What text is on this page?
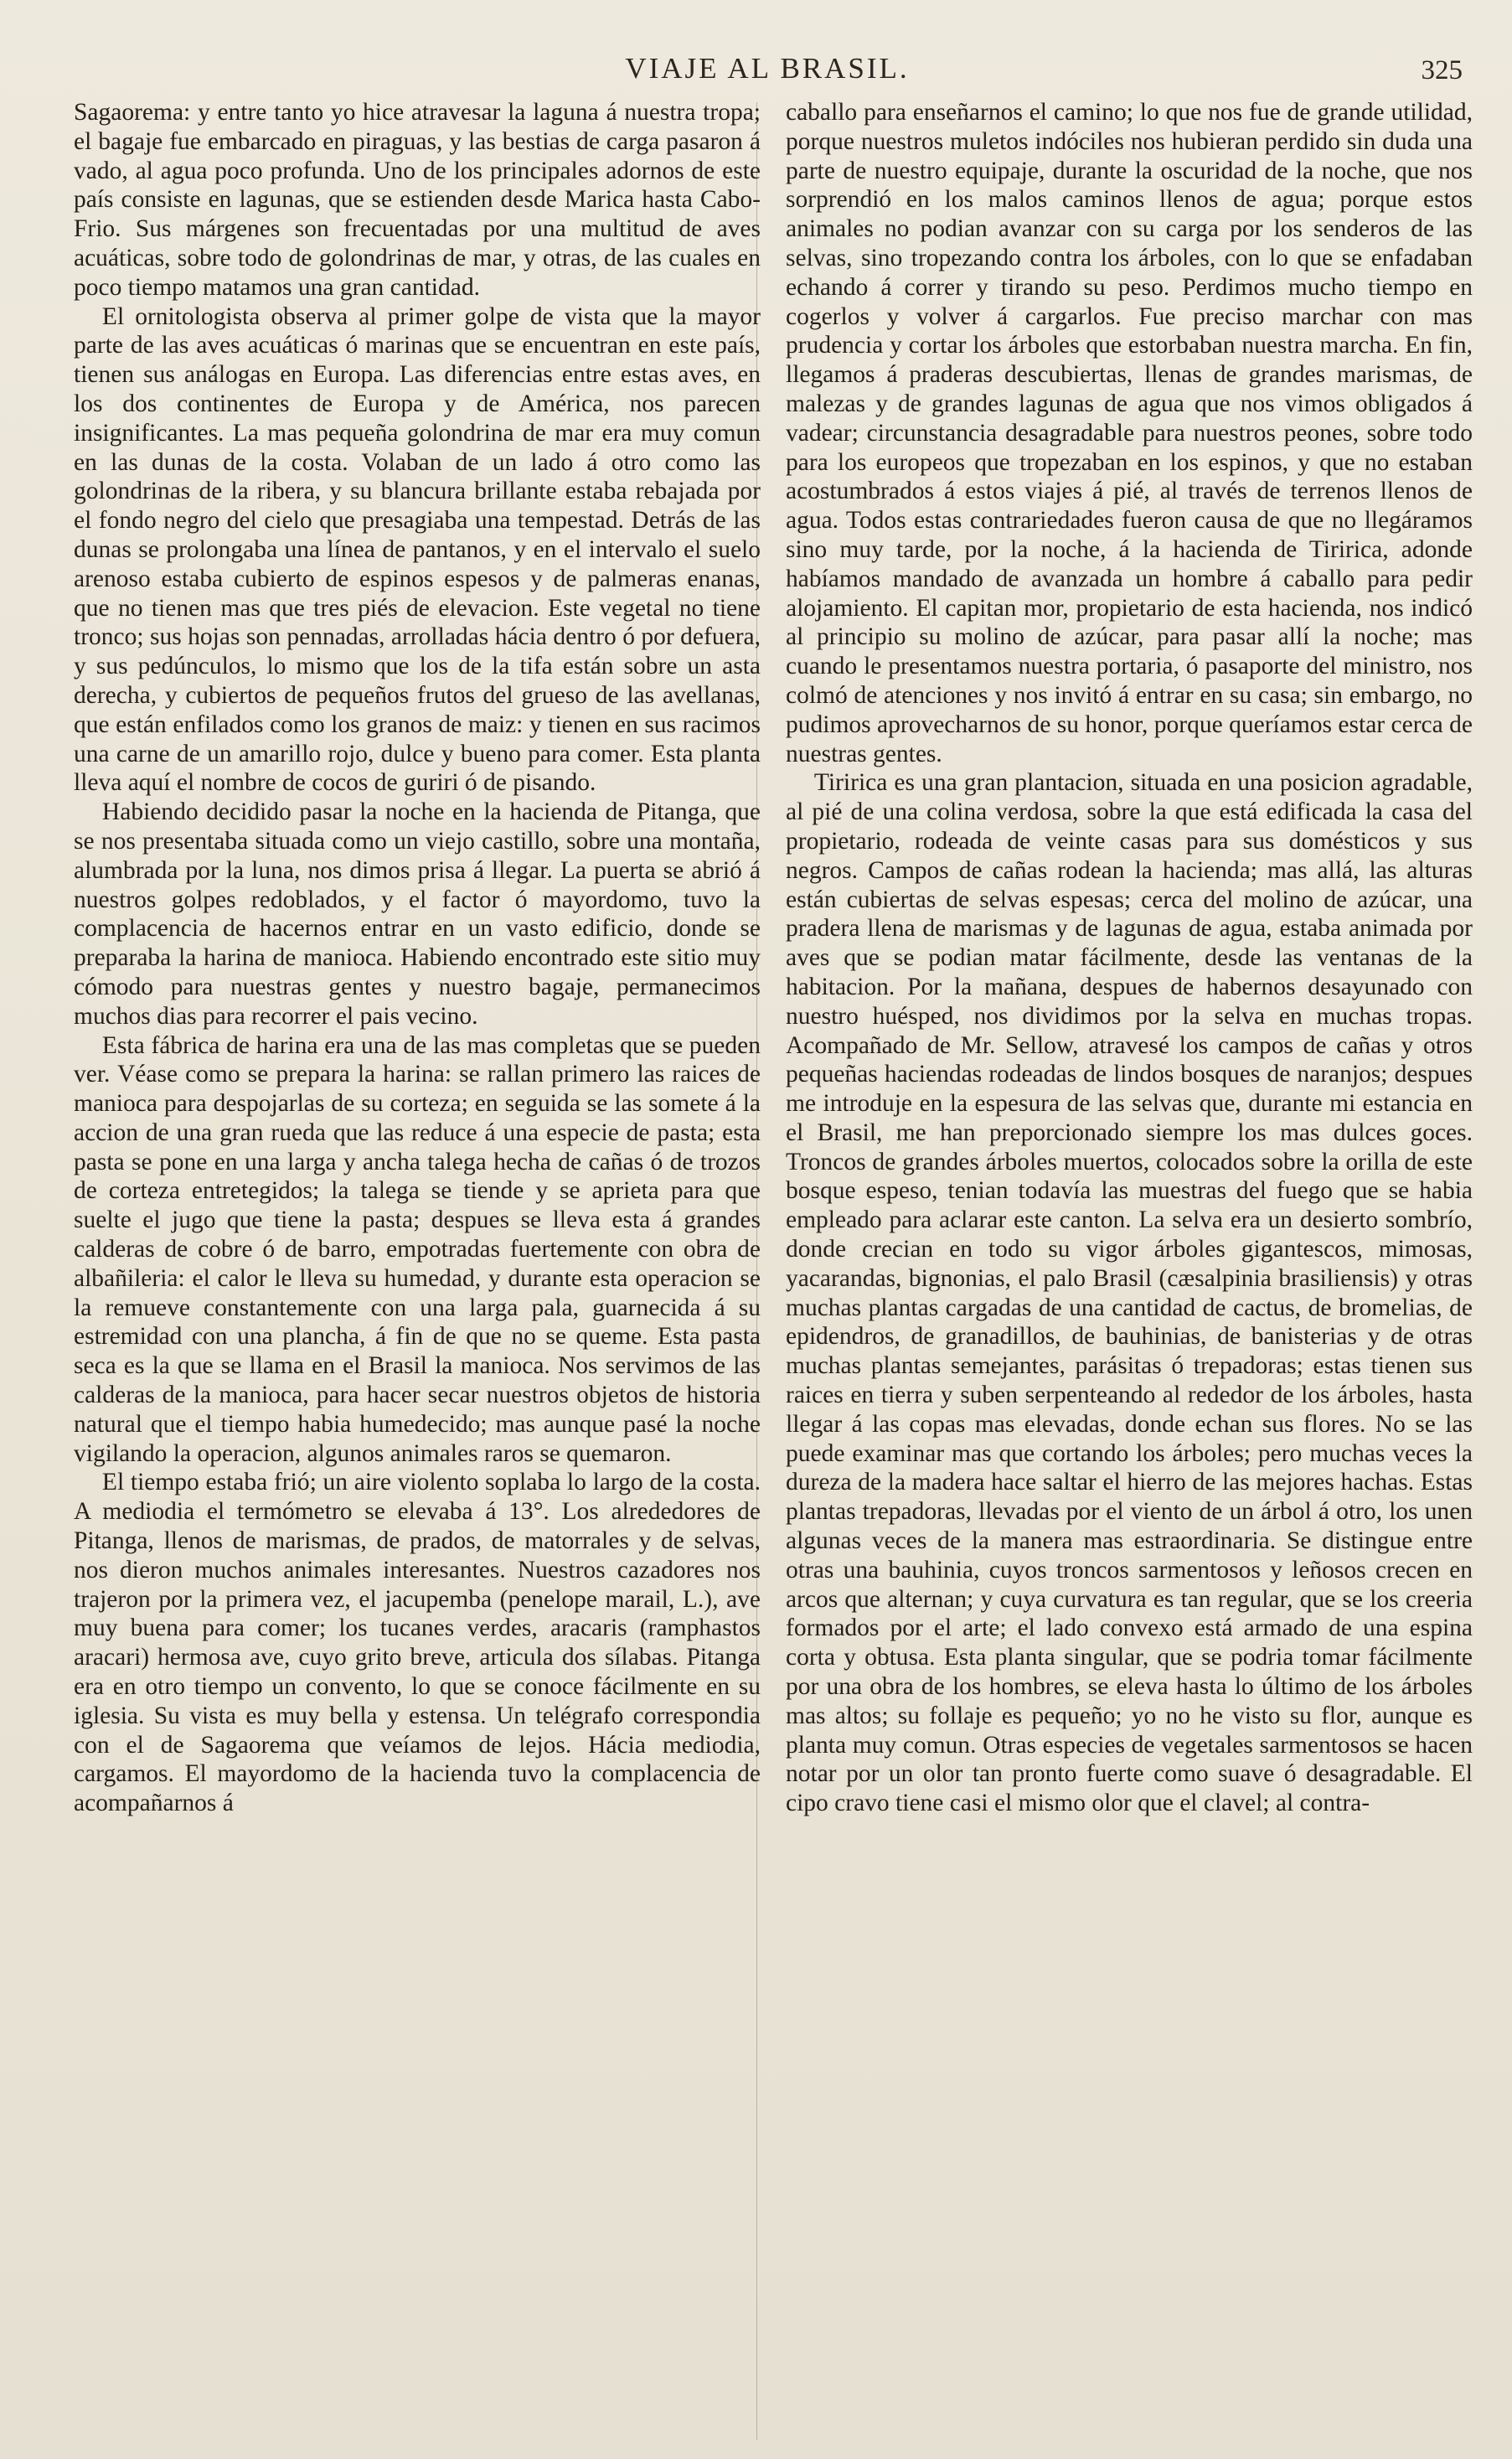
VIAJE AL BRASIL.	325

Sagaorema: y entre tanto yo hice atravesar la laguna á nuestra tropa; el bagaje fue embarcado en piraguas, y las bestias de carga pasaron á vado, al agua poco profunda. Uno de los principales adornos de este país consiste en lagunas, que se estienden desde Marica hasta Cabo-Frio. Sus márgenes son frecuentadas por una multitud de aves acuáticas, sobre todo de golondrinas de mar, y otras, de las cuales en poco tiempo matamos una gran cantidad.

El ornitologista observa al primer golpe de vista que la mayor parte de las aves acuáticas ó marinas que se encuentran en este país, tienen sus análogas en Europa. Las diferencias entre estas aves, en los dos continentes de Europa y de América, nos parecen insignificantes. La mas pequeña golondrina de mar era muy comun en las dunas de la costa. Volaban de un lado á otro como las golondrinas de la ribera, y su blancura brillante estaba rebajada por el fondo negro del cielo que presagiaba una tempestad. Detrás de las dunas se prolongaba una línea de pantanos, y en el intervalo el suelo arenoso estaba cubierto de espinos espesos y de palmeras enanas, que no tienen mas que tres piés de elevacion. Este vegetal no tiene tronco; sus hojas son pennadas, arrolladas hácia dentro ó por defuera, y sus pedúnculos, lo mismo que los de la tifa están sobre un asta derecha, y cubiertos de pequeños frutos del grueso de las avellanas, que están enfilados como los granos de maiz: y tienen en sus racimos una carne de un amarillo rojo, dulce y bueno para comer. Esta planta lleva aquí el nombre de cocos de guriri ó de pisando.

Habiendo decidido pasar la noche en la hacienda de Pitanga, que se nos presentaba situada como un viejo castillo, sobre una montaña, alumbrada por la luna, nos dimos prisa á llegar. La puerta se abrió á nuestros golpes redoblados, y el factor ó mayordomo, tuvo la complacencia de hacernos entrar en un vasto edificio, donde se preparaba la harina de manioca. Habiendo encontrado este sitio muy cómodo para nuestras gentes y nuestro bagaje, permanecimos muchos dias para recorrer el pais vecino.

Esta fábrica de harina era una de las mas completas que se pueden ver. Véase como se prepara la harina: se rallan primero las raices de manioca para despojarlas de su corteza; en seguida se las somete á la accion de una gran rueda que las reduce á una especie de pasta; esta pasta se pone en una larga y ancha talega hecha de cañas ó de trozos de corteza entretegidos; la talega se tiende y se aprieta para que suelte el jugo que tiene la pasta; despues se lleva esta á grandes calderas de cobre ó de barro, empotradas fuertemente con obra de albañileria: el calor le lleva su humedad, y durante esta operacion se la remueve constantemente con una larga pala, guarnecida á su estremidad con una plancha, á fin de que no se queme. Esta pasta seca es la que se llama en el Brasil la manioca. Nos servimos de las calderas de la manioca, para hacer secar nuestros objetos de historia natural que el tiempo habia humedecido; mas aunque pasé la noche vigilando la operacion, algunos animales raros se quemaron.

El tiempo estaba frió; un aire violento soplaba lo largo de la costa. A mediodia el termómetro se elevaba á 13°. Los alrededores de Pitanga, llenos de marismas, de prados, de matorrales y de selvas, nos dieron muchos animales interesantes. Nuestros cazadores nos trajeron por la primera vez, el jacupemba (penelope marail, L.), ave muy buena para comer; los tucanes verdes, aracaris (ramphastos aracari) hermosa ave, cuyo grito breve, articula dos sílabas. Pitanga era en otro tiempo un convento, lo que se conoce fácilmente en su iglesia. Su vista es muy bella y estensa. Un telégrafo correspondia con el de Sagaorema que veíamos de lejos. Hácia mediodia, cargamos. El mayordomo de la hacienda tuvo la complacencia de acompañarnos á

caballo para enseñarnos el camino; lo que nos fue de grande utilidad, porque nuestros muletos indóciles nos hubieran perdido sin duda una parte de nuestro equipaje, durante la oscuridad de la noche, que nos sorprendió en los malos caminos llenos de agua; porque estos animales no podian avanzar con su carga por los senderos de las selvas, sino tropezando contra los árboles, con lo que se enfadaban echando á correr y tirando su peso. Perdimos mucho tiempo en cogerlos y volver á cargarlos. Fue preciso marchar con mas prudencia y cortar los árboles que estorbaban nuestra marcha. En fin, llegamos á praderas descubiertas, llenas de grandes marismas, de malezas y de grandes lagunas de agua que nos vimos obligados á vadear; circunstancia desagradable para nuestros peones, sobre todo para los europeos que tropezaban en los espinos, y que no estaban acostumbrados á estos viajes á pié, al través de terrenos llenos de agua. Todos estas contrariedades fueron causa de que no llegáramos sino muy tarde, por la noche, á la hacienda de Tiririca, adonde habíamos mandado de avanzada un hombre á caballo para pedir alojamiento. El capitan mor, propietario de esta hacienda, nos indicó al principio su molino de azúcar, para pasar allí la noche; mas cuando le presentamos nuestra portaria, ó pasaporte del ministro, nos colmó de atenciones y nos invitó á entrar en su casa; sin embargo, no pudimos aprovecharnos de su honor, porque queríamos estar cerca de nuestras gentes.

Tiririca es una gran plantacion, situada en una posicion agradable, al pié de una colina verdosa, sobre la que está edificada la casa del propietario, rodeada de veinte casas para sus domésticos y sus negros. Campos de cañas rodean la hacienda; mas allá, las alturas están cubiertas de selvas espesas; cerca del molino de azúcar, una pradera llena de marismas y de lagunas de agua, estaba animada por aves que se podian matar fácilmente, desde las ventanas de la habitacion. Por la mañana, despues de habernos desayunado con nuestro huésped, nos dividimos por la selva en muchas tropas. Acompañado de Mr. Sellow, atravesé los campos de cañas y otros pequeñas haciendas rodeadas de lindos bosques de naranjos; despues me introduje en la espesura de las selvas que, durante mi estancia en el Brasil, me han preporcionado siempre los mas dulces goces. Troncos de grandes árboles muertos, colocados sobre la orilla de este bosque espeso, tenian todavía las muestras del fuego que se habia empleado para aclarar este canton. La selva era un desierto sombrío, donde crecian en todo su vigor árboles gigantescos, mimosas, yacarandas, bignonias, el palo Brasil (cæsalpinia brasiliensis) y otras muchas plantas cargadas de una cantidad de cactus, de bromelias, de epidendros, de granadillos, de bauhinias, de banisterias y de otras muchas plantas semejantes, parásitas ó trepadoras; estas tienen sus raices en tierra y suben serpenteando al rededor de los árboles, hasta llegar á las copas mas elevadas, donde echan sus flores. No se las puede examinar mas que cortando los árboles; pero muchas veces la dureza de la madera hace saltar el hierro de las mejores hachas. Estas plantas trepadoras, llevadas por el viento de un árbol á otro, los unen algunas veces de la manera mas estraordinaria. Se distingue entre otras una bauhinia, cuyos troncos sarmentosos y leñosos crecen en arcos que alternan; y cuya curvatura es tan regular, que se los creeria formados por el arte; el lado convexo está armado de una espina corta y obtusa. Esta planta singular, que se podria tomar fácilmente por una obra de los hombres, se eleva hasta lo último de los árboles mas altos; su follaje es pequeño; yo no he visto su flor, aunque es planta muy comun. Otras especies de vegetales sarmentosos se hacen notar por un olor tan pronto fuerte como suave ó desagradable. El cipo cravo tiene casi el mismo olor que el clavel; al contra-
